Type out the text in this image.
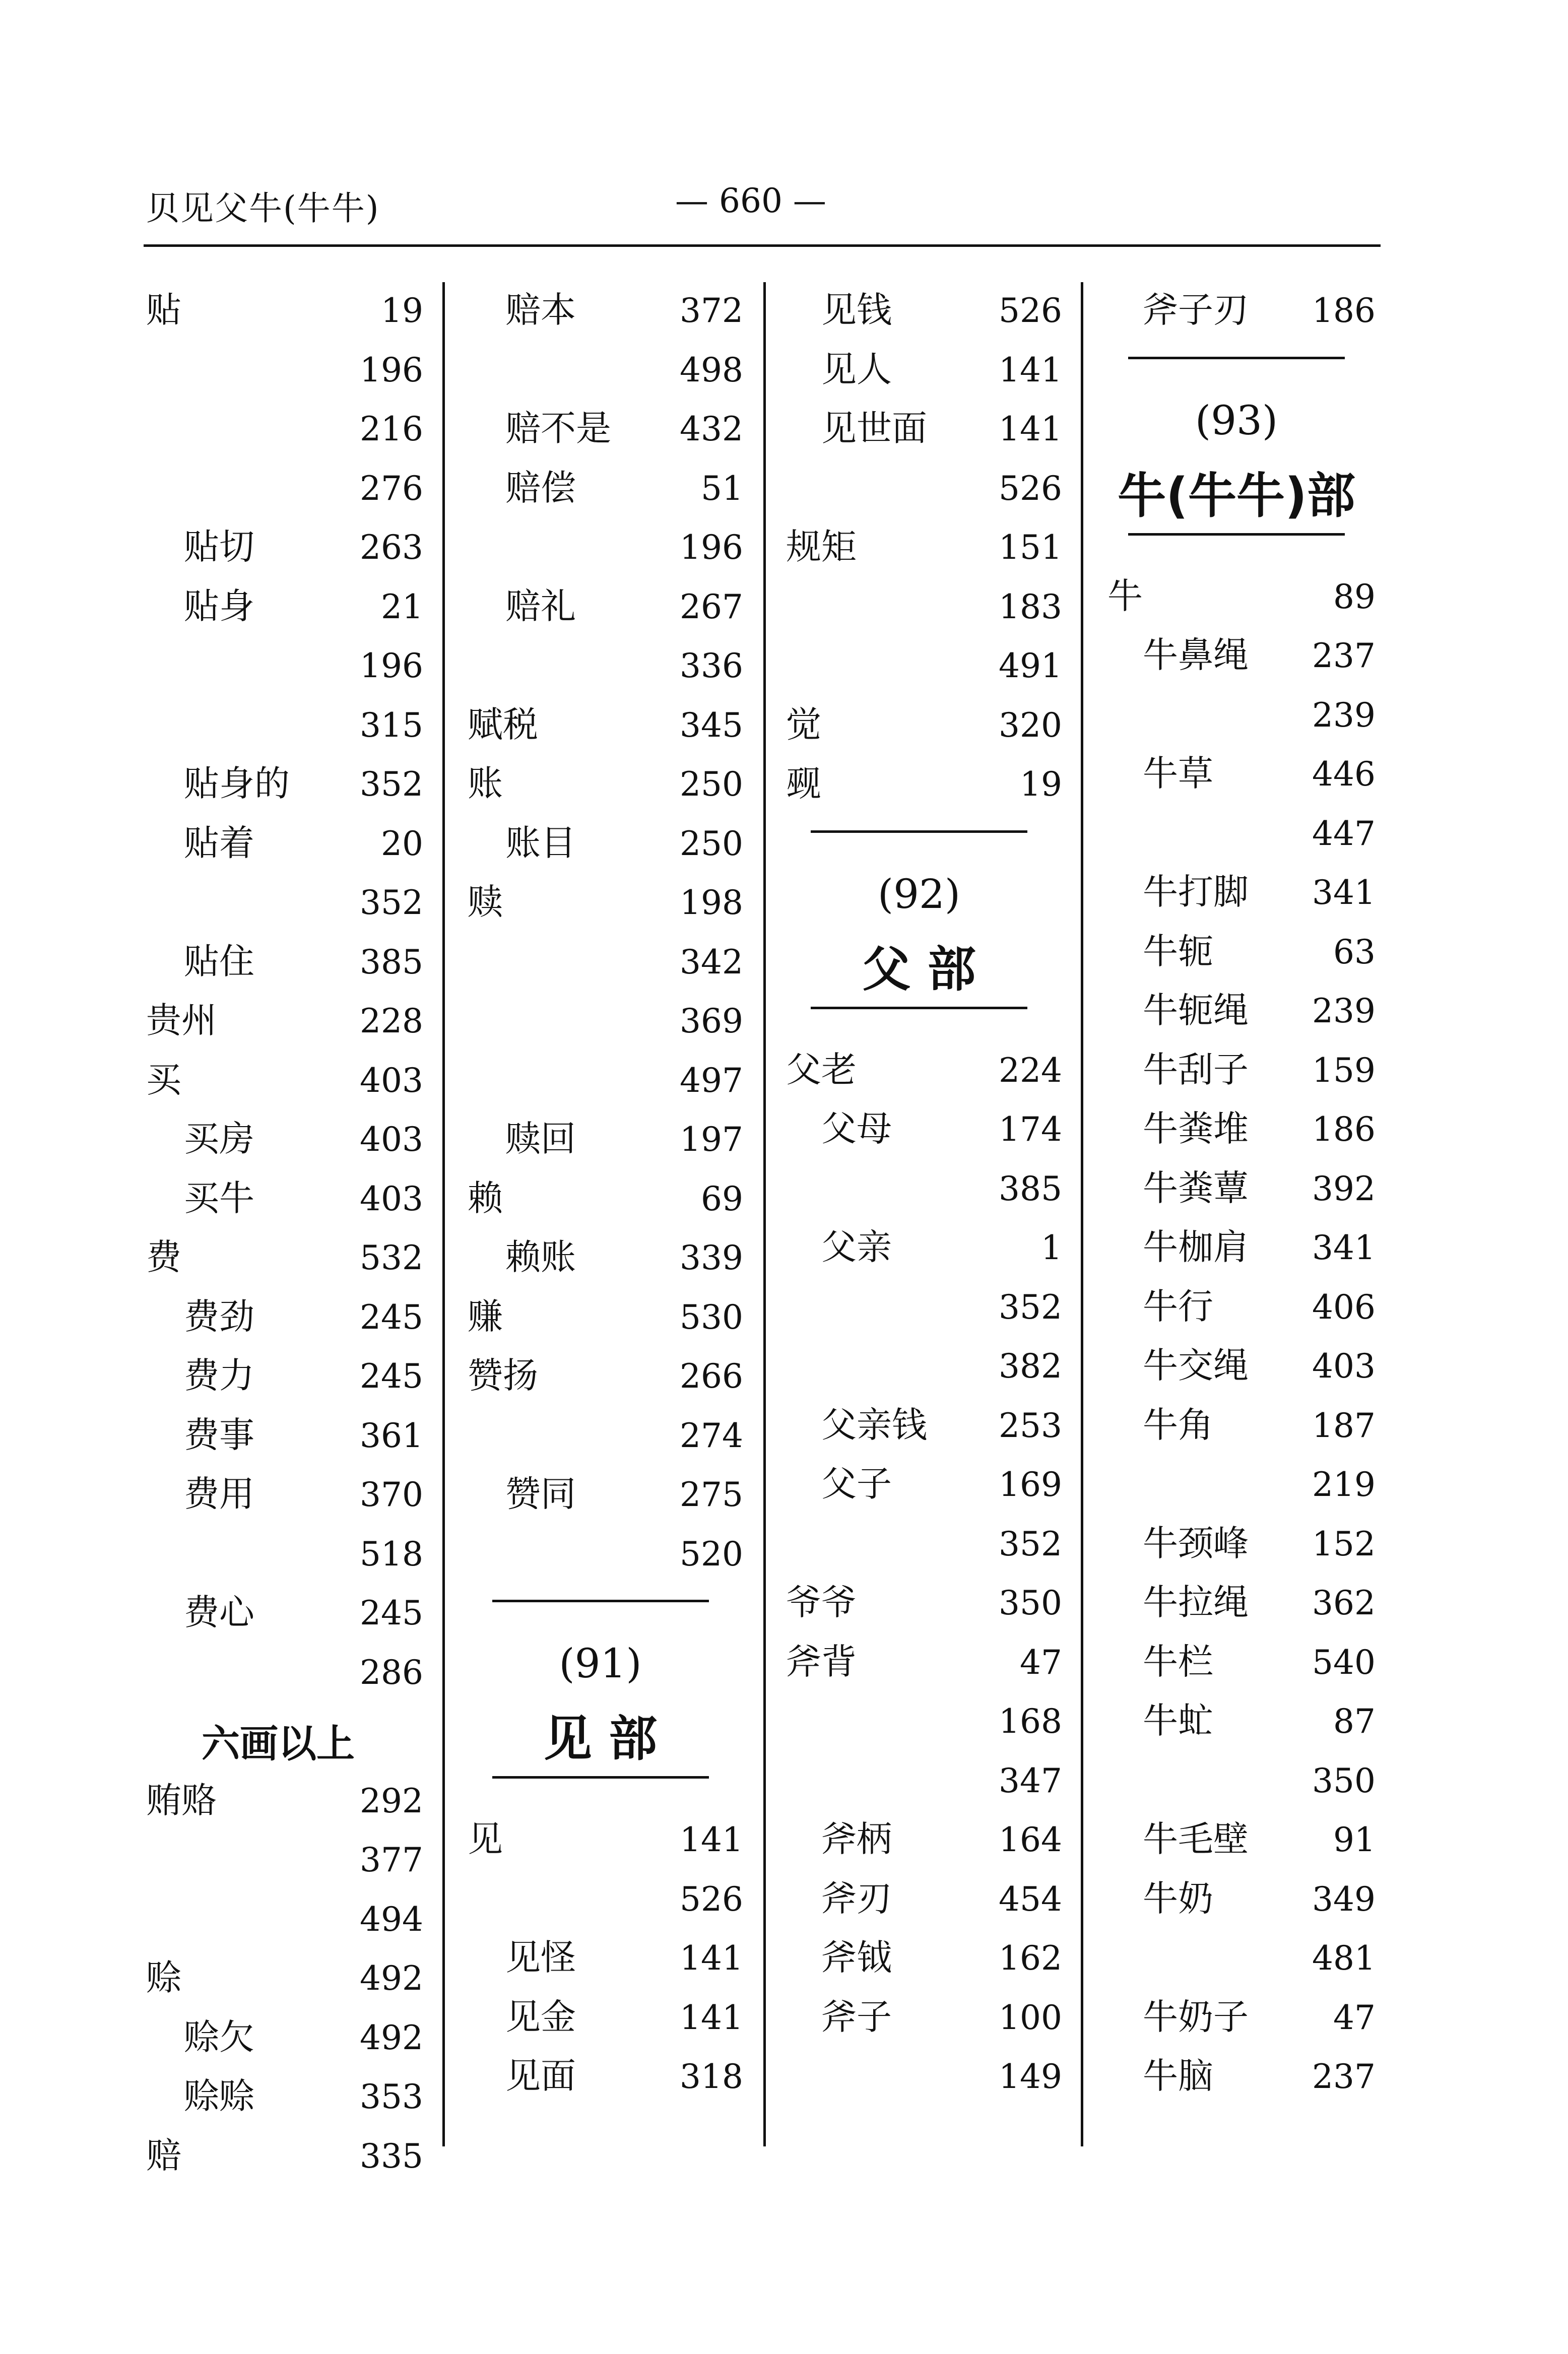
贝见父牛(牛牛)	— 660 —
贴	19
196
216
276
贴切	263
贴身	21
196
315
贴身的	352
贴着	20
352
贴住	385
贵州	228
买	403
买房	403
买牛	403
费	532
费劲	245
费力	245
费事	361
费用	370
518
费心	245
286
六画以上
贿赂	292
377
494
赊	492
赊欠	492
赊赊	353
赔	335
赔本	372
498
赔不是	432
赔偿	51
196
赔礼	267
336
赋税	345
账	250
账目	250
赎	198
342
369
497
赎回	197
赖	69
赖账	339
赚	530
赞扬	266
274
赞同	275
520
(91)
见 部
见	141
526
见怪	141
见金	141
见面	318
见钱	526
见人	141
见世面	141
526
规矩	151
183
491
觉	320
觋	19
(92)
父 部
父老	224
父母	174
385
父亲	1
352
382
父亲钱	253
父子	169
352
爷爷	350
斧背	47
168
347
斧柄	164
斧刃	454
斧钺	162
斧子	100
149
斧子刃	186
(93)
牛(牛牛)部
牛	89
牛鼻绳	237
239
牛草	446
447
牛打脚	341
牛轭	63
牛轭绳	239
牛刮子	159
牛粪堆	186
牛粪蕈	392
牛枷肩	341
牛行	406
牛交绳	403
牛角	187
219
牛颈峰	152
牛拉绳	362
牛栏	540
牛虻	87
350
牛毛壁	91
牛奶	349
481
牛奶子	47
牛脑	237
